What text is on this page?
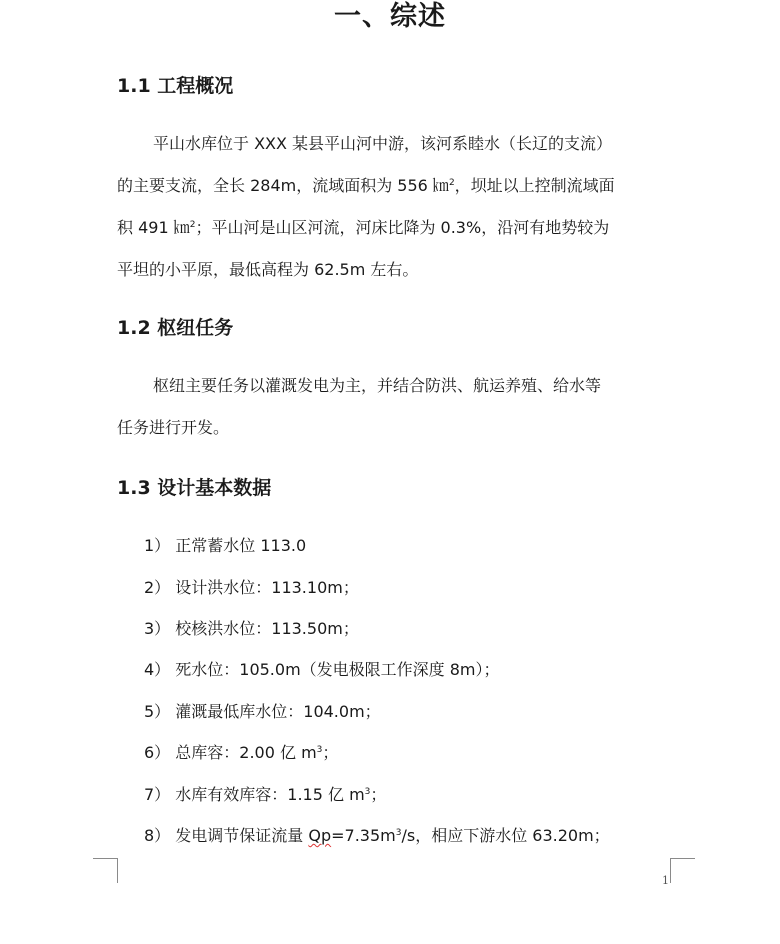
一、综述
1.1 工程概况
平山水库位于 XXX 某县平山河中游，该河系睦水（长辽的支流）
的主要支流，全长 284m，流域面积为 556 ㎞$^2$，坝址以上控制流域面
积 491 ㎞$^2$；平山河是山区河流，河床比降为 0.3%，沿河有地势较为
平坦的小平原，最低高程为 62.5m 左右。
1.2 枢纽任务
枢纽主要任务以灌溉发电为主，并结合防洪、航运养殖、给水等
任务进行开发。
1.3 设计基本数据
1） 正常蓄水位 113.0
2） 设计洪水位：113.10m；
3） 校核洪水位：113.50m；
4） 死水位：105.0m（发电极限工作深度 8m）；
5） 灌溉最低库水位：104.0m；
6） 总库容：2.00 亿 $m^3$；
7） 水库有效库容：1.15 亿 $m^3$；
8） 发电调节保证流量 $Qp=7.35m^3/s$，相应下游水位 63.20m；
1
